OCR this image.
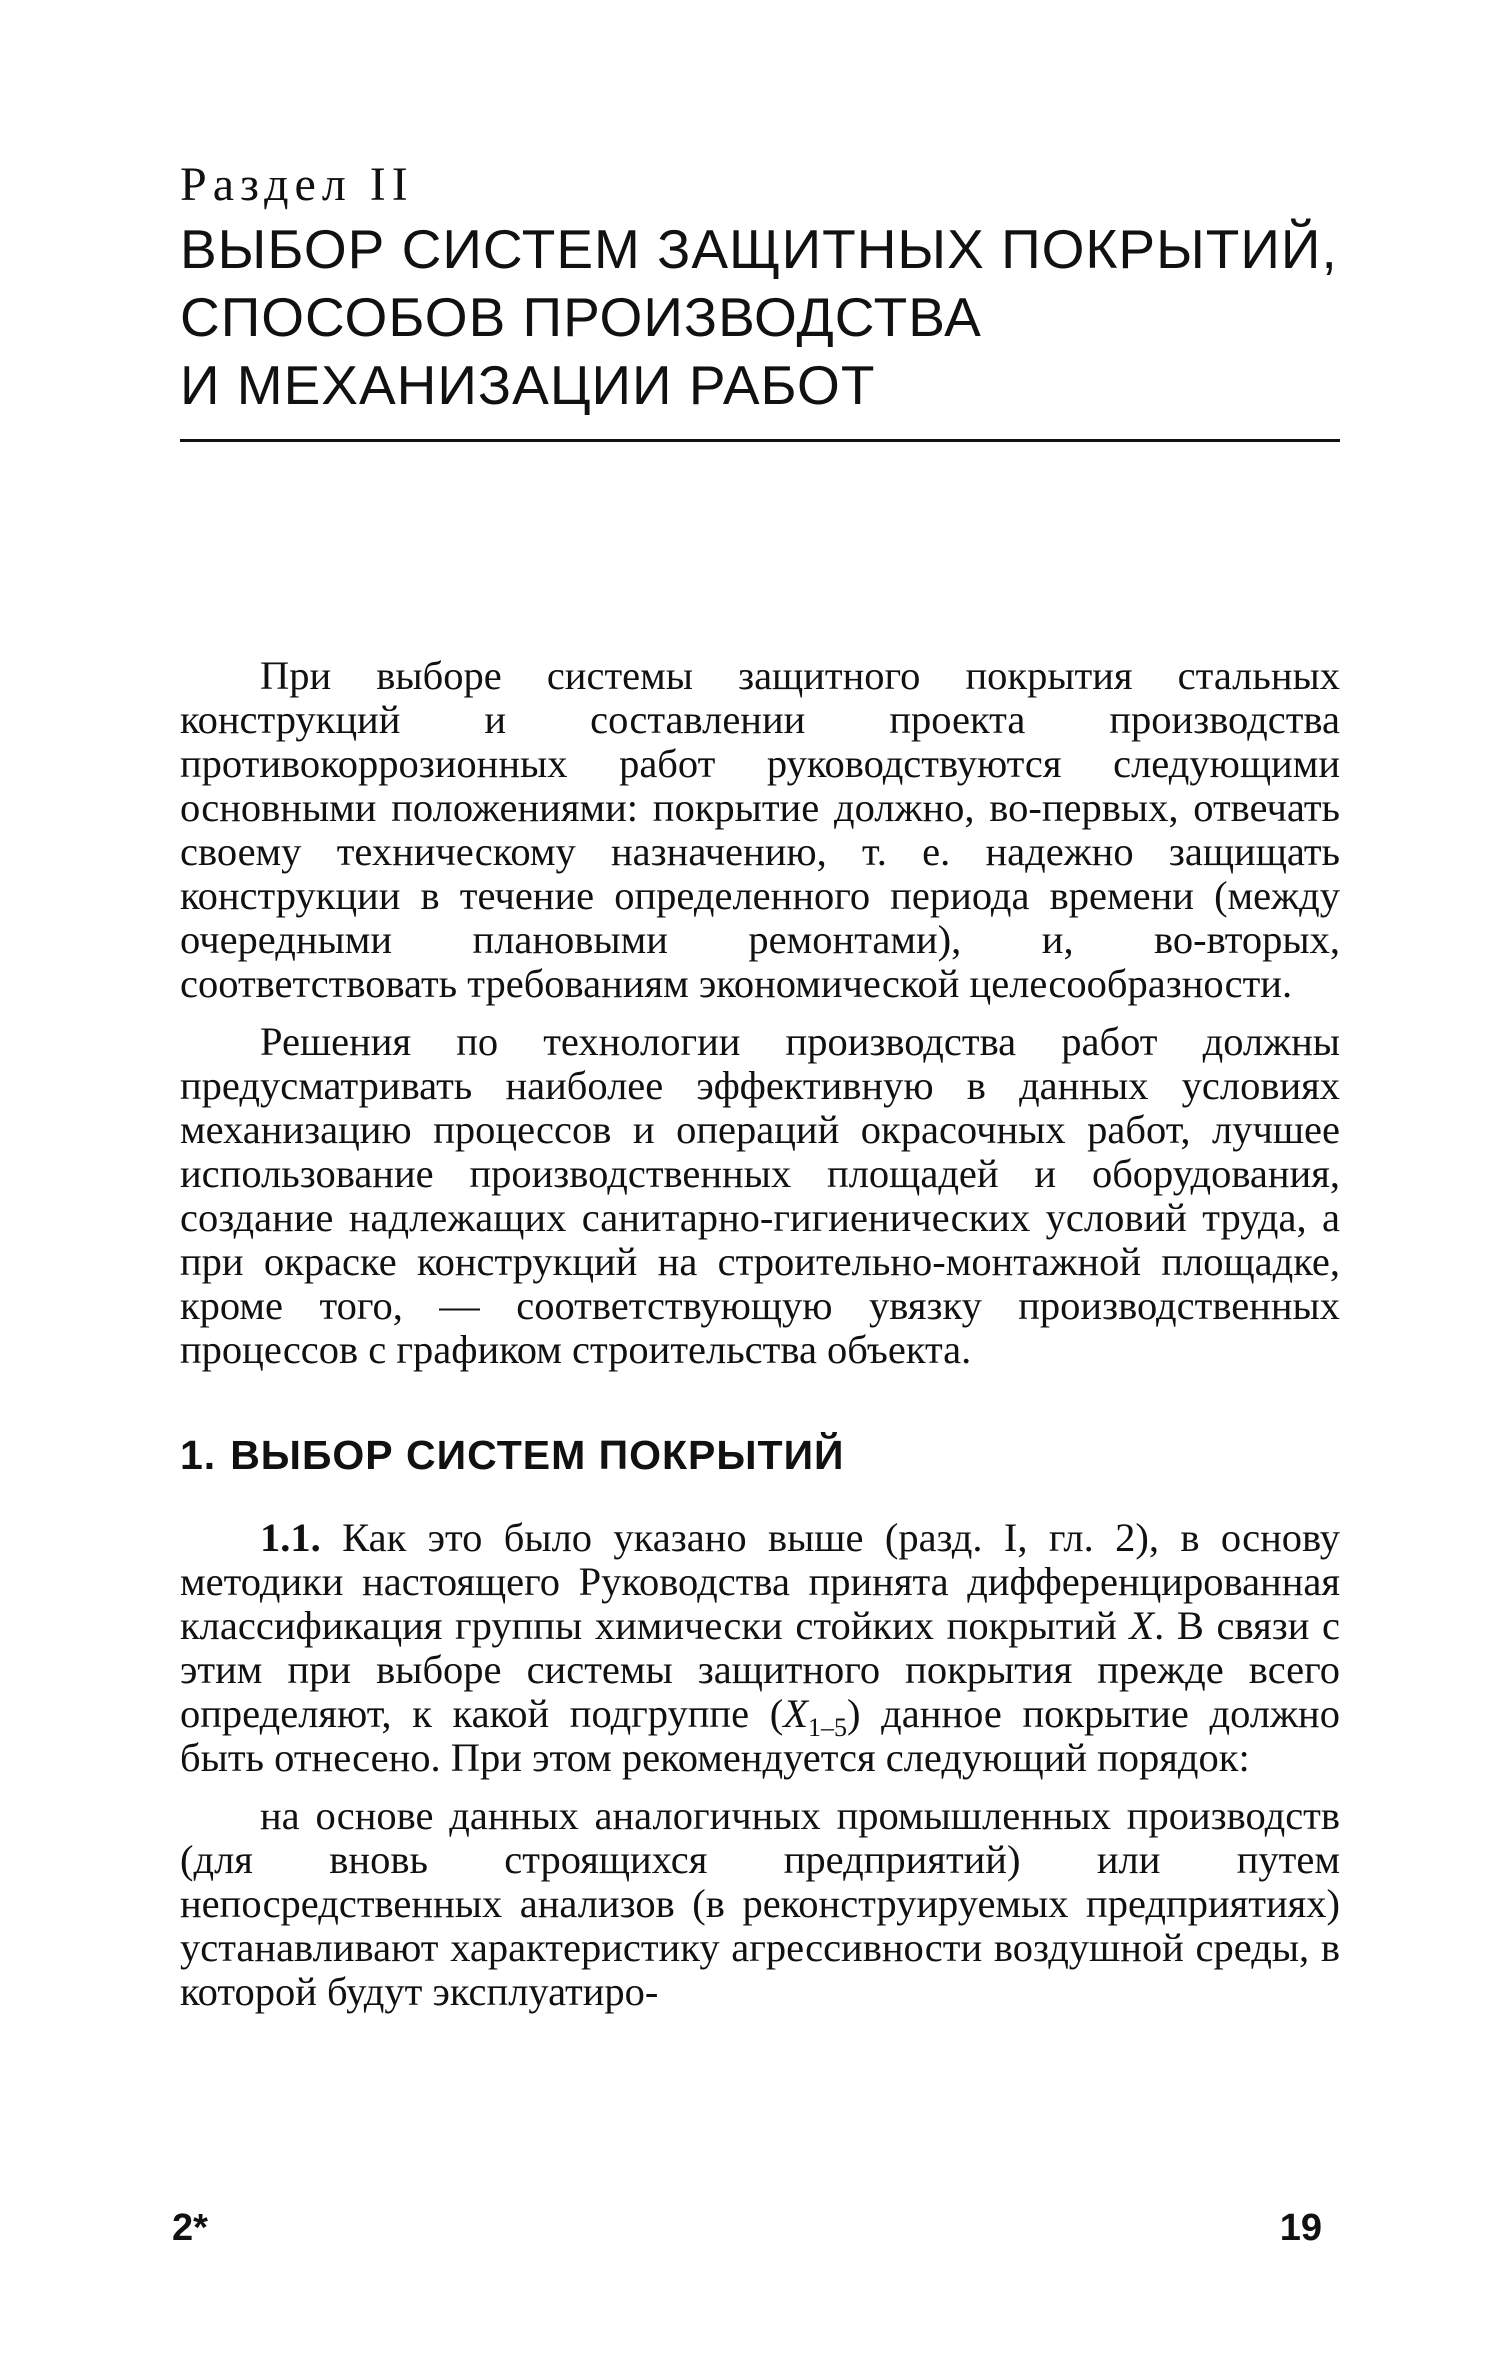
Раздел II

ВЫБОР СИСТЕМ ЗАЩИТНЫХ ПОКРЫТИЙ,
СПОСОБОВ ПРОИЗВОДСТВА
И МЕХАНИЗАЦИИ РАБОТ

При выборе системы защитного покрытия стальных конструкций и составлении проекта производства противокоррозионных работ руководствуются следующими основными положениями: покрытие должно, во-первых, отвечать своему техническому назначению, т. е. надежно защищать конструкции в течение определенного периода времени (между очередными плановыми ремонтами), и, во-вторых, соответствовать требованиям экономической целесообразности.

Решения по технологии производства работ должны предусматривать наиболее эффективную в данных условиях механизацию процессов и операций окрасочных работ, лучшее использование производственных площадей и оборудования, создание надлежащих санитарно-гигиенических условий труда, а при окраске конструкций на строительно-монтажной площадке, кроме того, — соответствующую увязку производственных процессов с графиком строительства объекта.

1. ВЫБОР СИСТЕМ ПОКРЫТИЙ

1.1. Как это было указано выше (разд. I, гл. 2), в основу методики настоящего Руководства принята дифференцированная классификация группы химически стойких покрытий X. В связи с этим при выборе системы защитного покрытия прежде всего определяют, к какой подгруппе $(X_{1-5})$ данное покрытие должно быть отнесено. При этом рекомендуется следующий порядок:

на основе данных аналогичных промышленных производств (для вновь строящихся предприятий) или путем непосредственных анализов (в реконструируемых предприятиях) устанавливают характеристику агрессивности воздушной среды, в которой будут эксплуатиро-

2*	19
